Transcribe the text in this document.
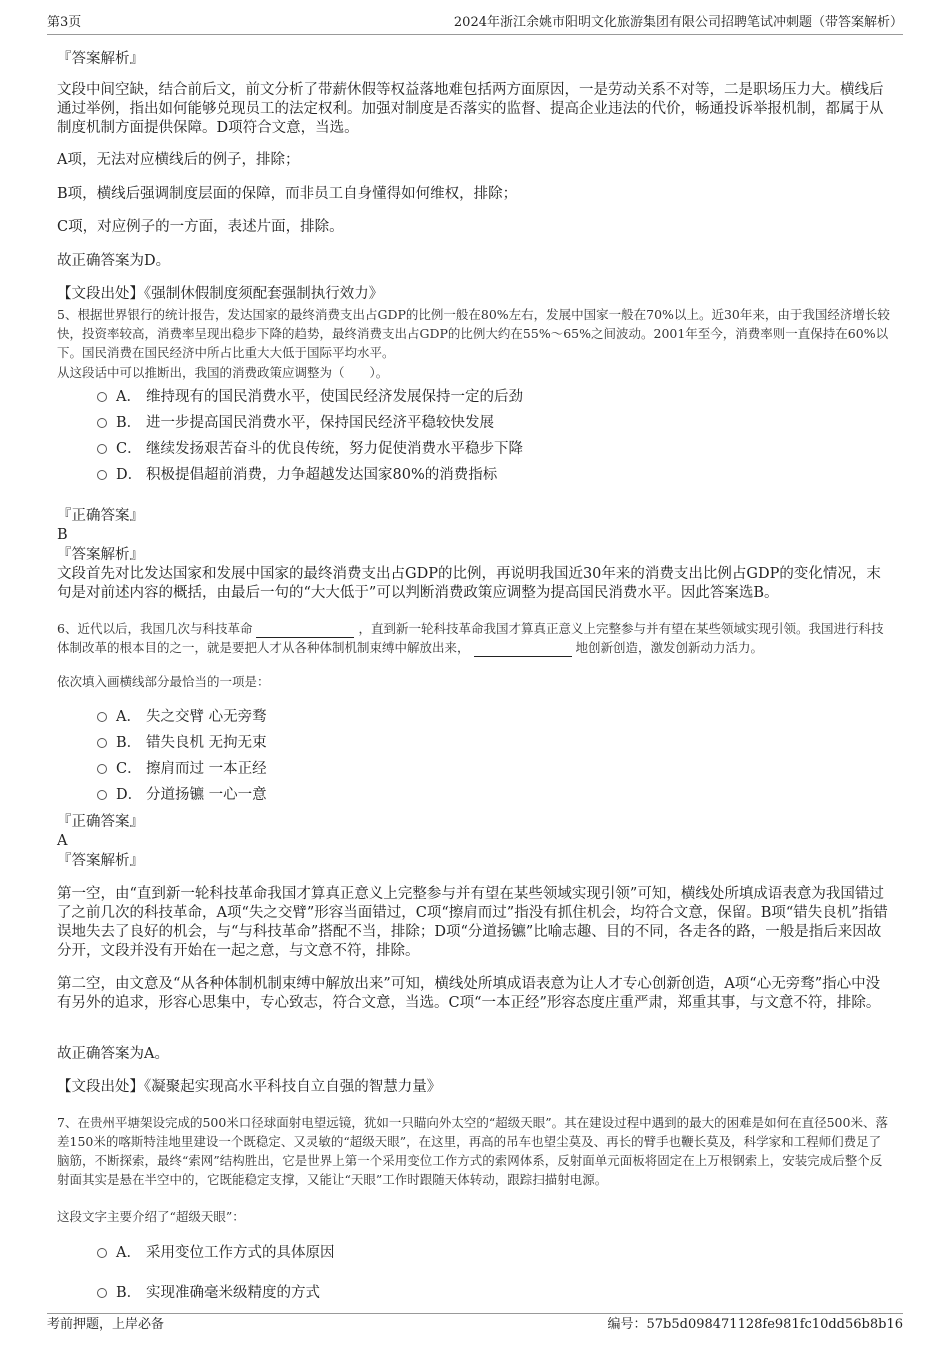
第3页	2024年浙江余姚市阳明文化旅游集团有限公司招聘笔试冲刺题（带答案解析）
『答案解析』

文段中间空缺，结合前后文，前文分析了带薪休假等权益落地难包括两方面原因，一是劳动关系不对等，二是职场压力大。横线后通过举例，指出如何能够兑现员工的法定权利。加强对制度是否落实的监督、提高企业违法的代价，畅通投诉举报机制，都属于从制度机制方面提供保障。D项符合文意，当选。

A项，无法对应横线后的例子，排除；
B项，横线后强调制度层面的保障，而非员工自身懂得如何维权，排除；
C项，对应例子的一方面，表述片面，排除。
故正确答案为D。
【文段出处】《强制休假制度须配套强制执行效力》
5、根据世界银行的统计报告，发达国家的最终消费支出占GDP的比例一般在80%左右，发展中国家一般在70%以上。近30年来，由于我国经济增长较快，投资率较高，消费率呈现出稳步下降的趋势，最终消费支出占GDP的比例大约在55%～65%之间波动。2001年至今，消费率则一直保持在60%以下。国民消费在国民经济中所占比重大大低于国际平均水平。
从这段话中可以推断出，我国的消费政策应调整为（　　）。
A． 维持现有的国民消费水平，使国民经济发展保持一定的后劲
B． 进一步提高国民消费水平，保持国民经济平稳较快发展
C． 继续发扬艰苦奋斗的优良传统，努力促使消费水平稳步下降
D． 积极提倡超前消费，力争超越发达国家80%的消费指标
『正确答案』
B
『答案解析』
文段首先对比发达国家和发展中国家的最终消费支出占GDP的比例，再说明我国近30年来的消费支出比例占GDP的变化情况，末句是对前述内容的概括，由最后一句的“大大低于”可以判断消费政策应调整为提高国民消费水平。因此答案选B。
6、近代以后，我国几次与科技革命	，直到新一轮科技革命我国才算真正意义上完整参与并有望在某些领域实现引领。我国进行科技体制改革的根本目的之一，就是要把人才从各种体制机制束缚中解放出来，	地创新创造，激发创新动力活力。
依次填入画横线部分最恰当的一项是：
A． 失之交臂 心无旁骛
B． 错失良机 无拘无束
C． 擦肩而过 一本正经
D． 分道扬镳 一心一意
『正确答案』
A
『答案解析』
第一空，由“直到新一轮科技革命我国才算真正意义上完整参与并有望在某些领域实现引领”可知，横线处所填成语表意为我国错过了之前几次的科技革命，A项“失之交臂”形容当面错过，C项“擦肩而过”指没有抓住机会，均符合文意，保留。B项“错失良机”指错误地失去了良好的机会，与“与科技革命”搭配不当，排除；D项“分道扬镳”比喻志趣、目的不同，各走各的路，一般是指后来因故分开，文段并没有开始在一起之意，与文意不符，排除。
第二空，由文意及“从各种体制机制束缚中解放出来”可知，横线处所填成语表意为让人才专心创新创造，A项“心无旁骛”指心中没有另外的追求，形容心思集中，专心致志，符合文意，当选。C项“一本正经”形容态度庄重严肃，郑重其事，与文意不符，排除。
故正确答案为A。
【文段出处】《凝聚起实现高水平科技自立自强的智慧力量》
7、在贵州平塘架设完成的500米口径球面射电望远镜，犹如一只瞄向外太空的“超级天眼”。其在建设过程中遇到的最大的困难是如何在直径500米、落差150米的喀斯特洼地里建设一个既稳定、又灵敏的“超级天眼”，在这里，再高的吊车也望尘莫及、再长的臂手也鞭长莫及，科学家和工程师们费足了脑筋，不断探索，最终“索网”结构胜出，它是世界上第一个采用变位工作方式的索网体系，反射面单元面板将固定在上万根钢索上，安装完成后整个反射面其实是悬在半空中的，它既能稳定支撑，又能让“天眼”工作时跟随天体转动，跟踪扫描射电源。
这段文字主要介绍了“超级天眼”：
A． 采用变位工作方式的具体原因
B． 实现准确毫米级精度的方式
考前押题，上岸必备	编号：57b5d098471128fe981fc10dd56b8b16
